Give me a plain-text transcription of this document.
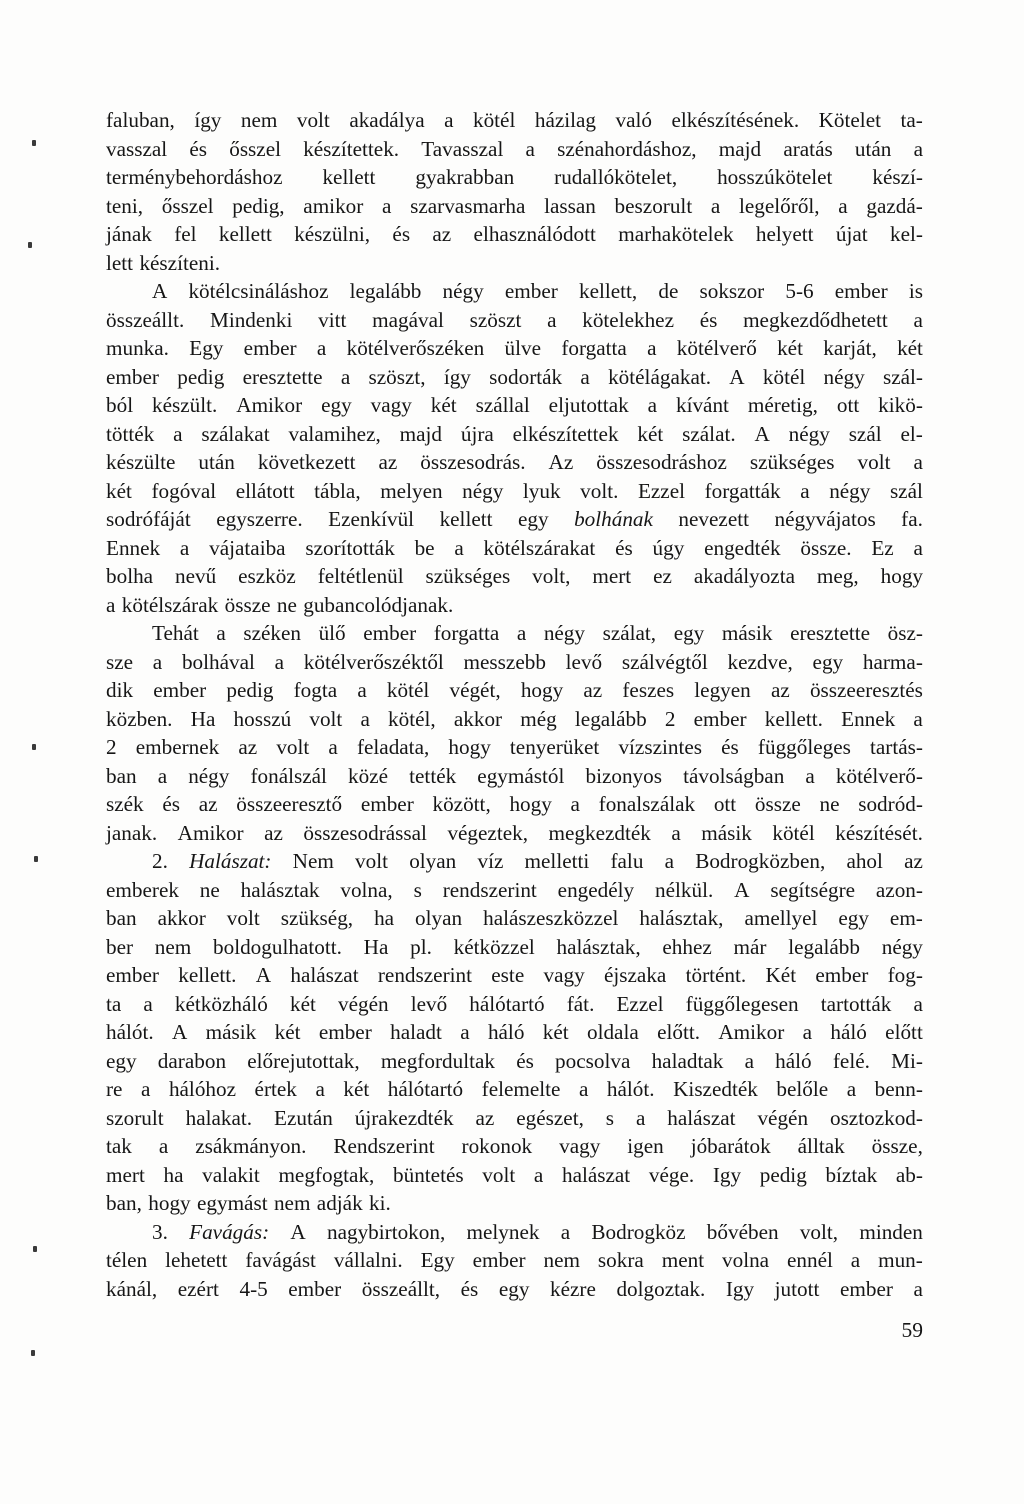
faluban, így nem volt akadálya a kötél házilag való elkészítésének. Kötelet ta-
vasszal és ősszel készítettek. Tavasszal a szénahordáshoz, majd aratás után a
terménybehordáshoz kellett gyakrabban rudallókötelet, hosszúkötelet készí-
teni, ősszel pedig, amikor a szarvasmarha lassan beszorult a legelőről, a gazdá-
jának fel kellett készülni, és az elhasználódott marhakötelek helyett újat kel-
lett készíteni.
A kötélcsináláshoz legalább négy ember kellett, de sokszor 5-6 ember is
összeállt. Mindenki vitt magával szöszt a kötelekhez és megkezdődhetett a
munka. Egy ember a kötélverőszéken ülve forgatta a kötélverő két karját, két
ember pedig eresztette a szöszt, így sodorták a kötélágakat. A kötél négy szál-
ból készült. Amikor egy vagy két szállal eljutottak a kívánt méretig, ott kikö-
tötték a szálakat valamihez, majd újra elkészítettek két szálat. A négy szál el-
készülte után következett az összesodrás. Az összesodráshoz szükséges volt a
két fogóval ellátott tábla, melyen négy lyuk volt. Ezzel forgatták a négy szál
sodrófáját egyszerre. Ezenkívül kellett egy bolhának nevezett négyvájatos fa.
Ennek a vájataiba szorították be a kötélszárakat és úgy engedték össze. Ez a
bolha nevű eszköz feltétlenül szükséges volt, mert ez akadályozta meg, hogy
a kötélszárak össze ne gubancolódjanak.
Tehát a széken ülő ember forgatta a négy szálat, egy másik eresztette ösz-
sze a bolhával a kötélverőszéktől messzebb levő szálvégtől kezdve, egy harma-
dik ember pedig fogta a kötél végét, hogy az feszes legyen az összeeresztés
közben. Ha hosszú volt a kötél, akkor még legalább 2 ember kellett. Ennek a
2 embernek az volt a feladata, hogy tenyerüket vízszintes és függőleges tartás-
ban a négy fonálszál közé tették egymástól bizonyos távolságban a kötélverő-
szék és az összeeresztő ember között, hogy a fonalszálak ott össze ne sodród-
janak. Amikor az összesodrással végeztek, megkezdték a másik kötél készítését.
2. Halászat: Nem volt olyan víz melletti falu a Bodrogközben, ahol az
emberek ne halásztak volna, s rendszerint engedély nélkül. A segítségre azon-
ban akkor volt szükség, ha olyan halászeszközzel halásztak, amellyel egy em-
ber nem boldogulhatott. Ha pl. kétközzel halásztak, ehhez már legalább négy
ember kellett. A halászat rendszerint este vagy éjszaka történt. Két ember fog-
ta a kétközháló két végén levő hálótartó fát. Ezzel függőlegesen tartották a
hálót. A másik két ember haladt a háló két oldala előtt. Amikor a háló előtt
egy darabon előrejutottak, megfordultak és pocsolva haladtak a háló felé. Mi-
re a hálóhoz értek a két hálótartó felemelte a hálót. Kiszedték belőle a benn-
szorult halakat. Ezután újrakezdték az egészet, s a halászat végén osztozkod-
tak a zsákmányon. Rendszerint rokonok vagy igen jóbarátok álltak össze,
mert ha valakit megfogtak, büntetés volt a halászat vége. Igy pedig bíztak ab-
ban, hogy egymást nem adják ki.
3. Favágás: A nagybirtokon, melynek a Bodrogköz bővében volt, minden
télen lehetett favágást vállalni. Egy ember nem sokra ment volna ennél a mun-
kánál, ezért 4-5 ember összeállt, és egy kézre dolgoztak. Igy jutott ember a
59
